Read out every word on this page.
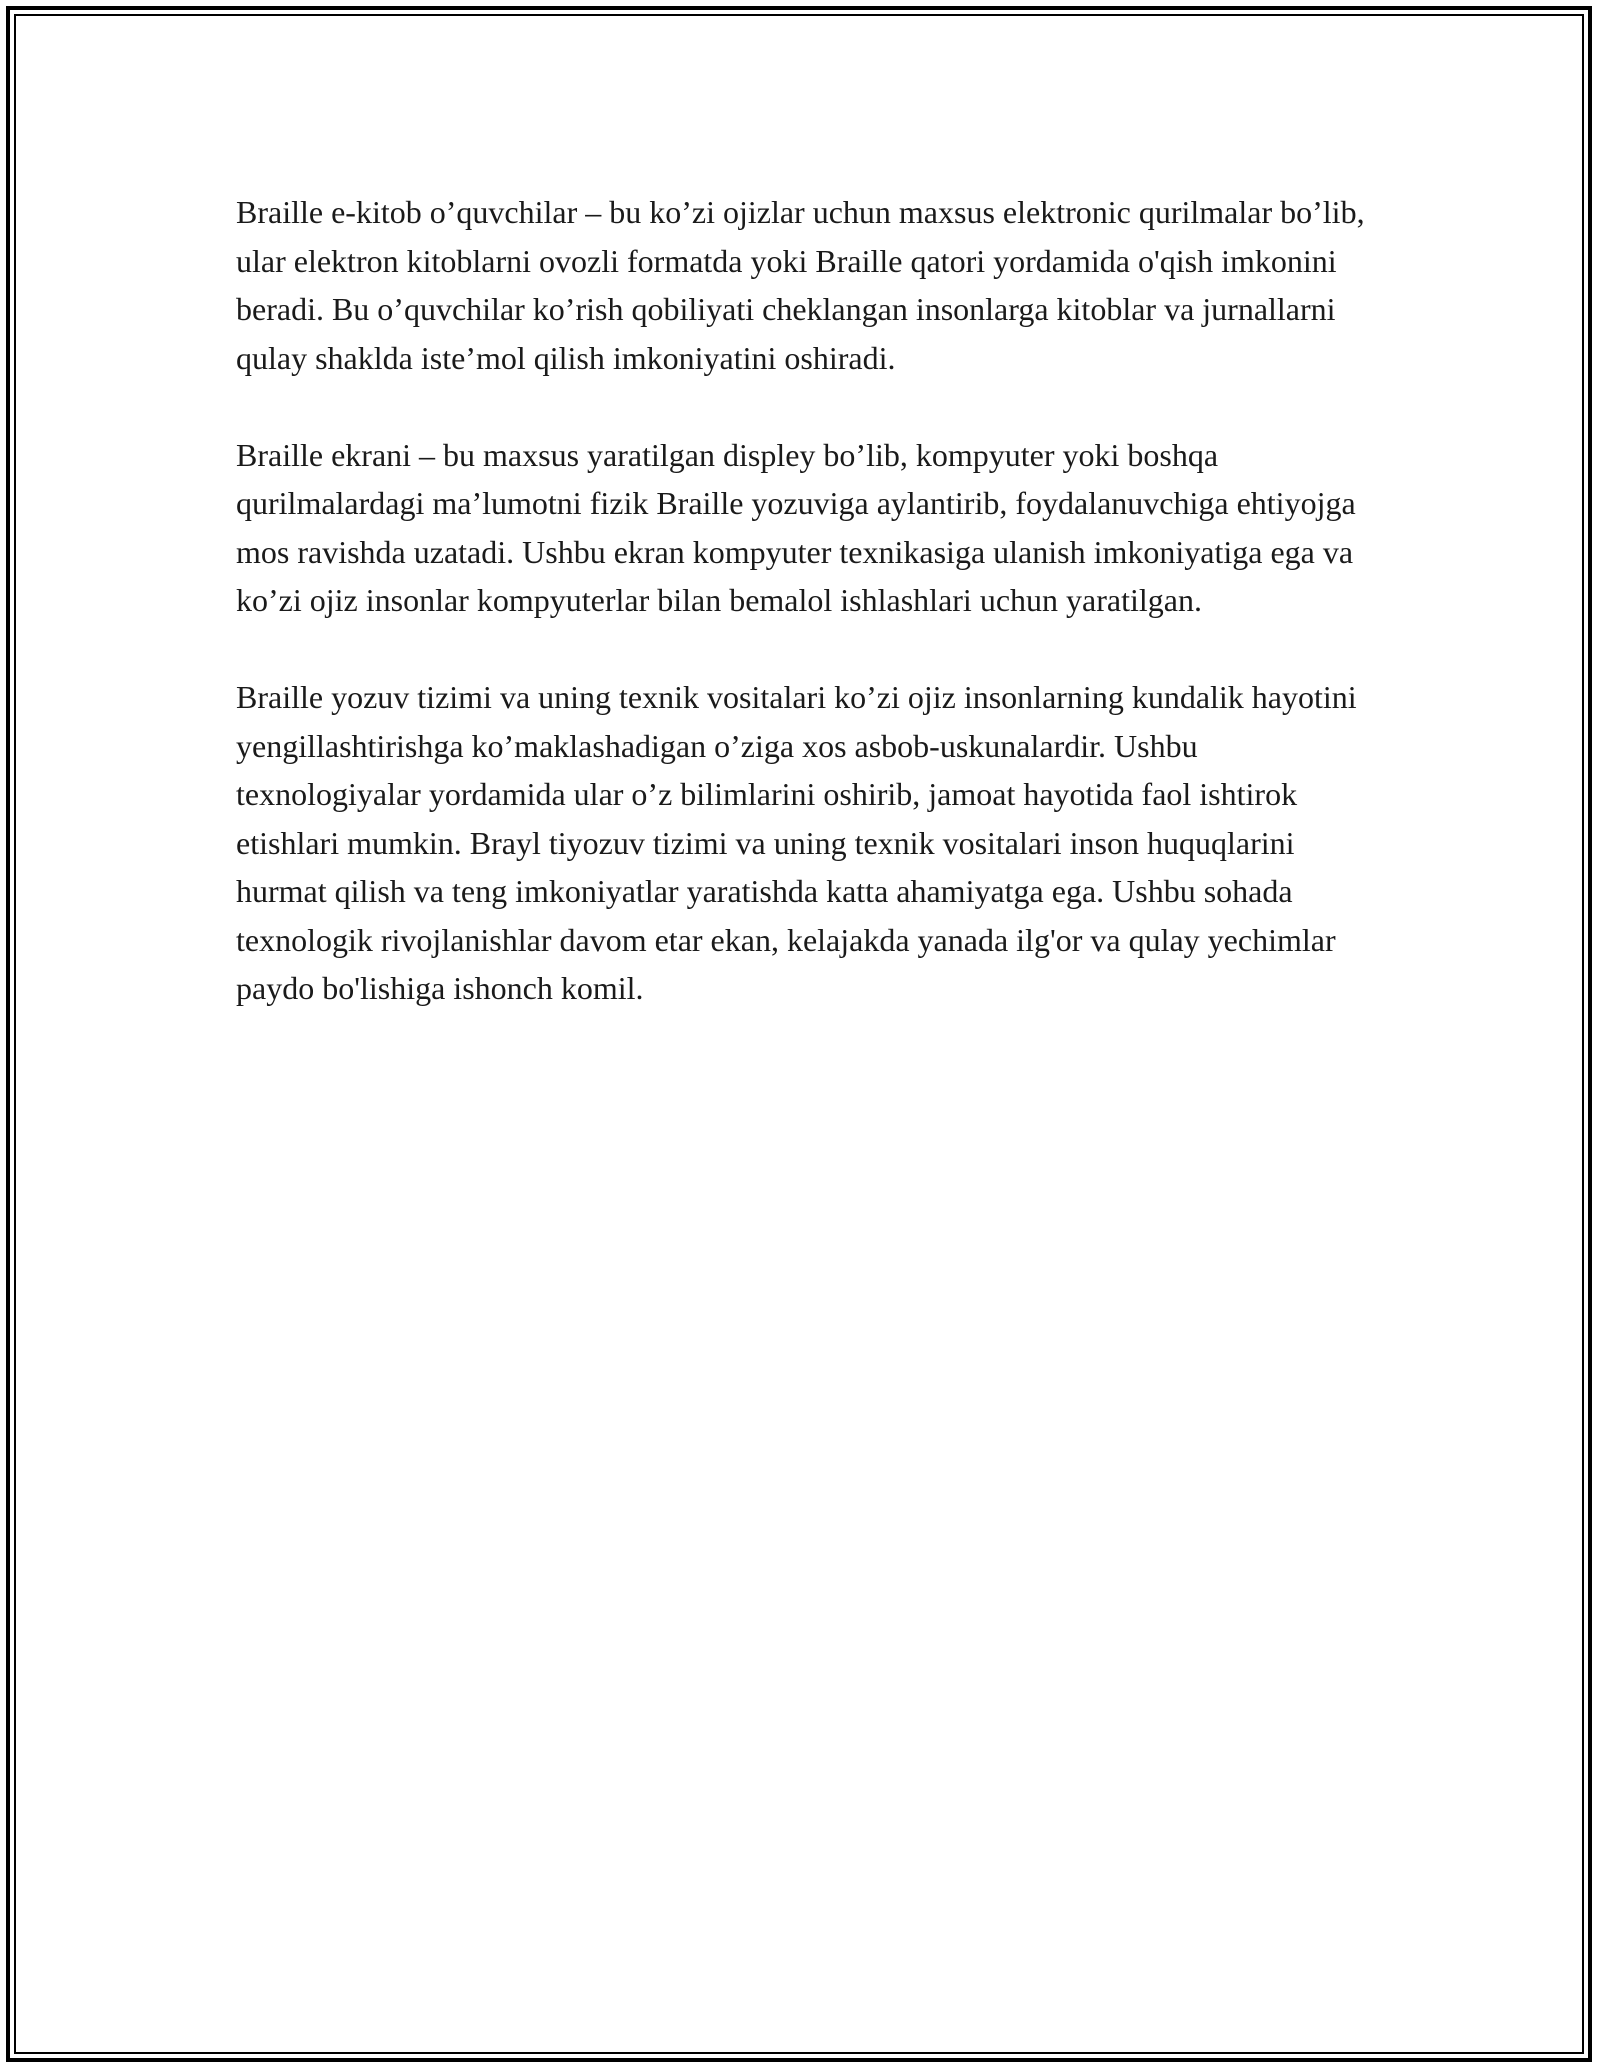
Braille e-kitob o’quvchilar – bu ko’zi ojizlar uchun maxsus elektronic qurilmalar bo’lib, ular elektron kitoblarni ovozli formatda yoki Braille qatori yordamida o'qish imkonini beradi. Bu o’quvchilar ko’rish qobiliyati cheklangan insonlarga kitoblar va jurnallarni qulay shakldа iste’mol qilish imkoniyatini oshiradi.

Braille ekrani – bu maxsus yaratilgan displey bo’lib, kompyuter yoki boshqa qurilmalardagi ma’lumotni fizik Braille yozuviga aylantirib, foydalanuvchiga ehtiyojga mos ravishda uzatadi. Ushbu ekran kompyuter texnikasiga ulanish imkoniyatiga ega va ko’zi ojiz insonlar kompyuterlar bilan bemalol ishlashlari uchun yaratilgan.

Braille yozuv tizimi va uning texnik vositalari ko’zi ojiz insonlarning kundalik hayotini yengillashtirishga ko’maklashadigan o’ziga xos asbob-uskunalardir. Ushbu texnologiyalar yordamida ular o’z bilimlarini oshirib, jamoat hayotida faol ishtirok etishlari mumkin. Brayl tiyozuv tizimi va uning texnik vositalari inson huquqlarini hurmat qilish va teng imkoniyatlar yaratishda katta ahamiyatga ega. Ushbu sohada texnologik rivojlanishlar davom etar ekan, kelajakda yanada ilg'or va qulay yechimlar paydo bo'lishiga ishonch komil.
